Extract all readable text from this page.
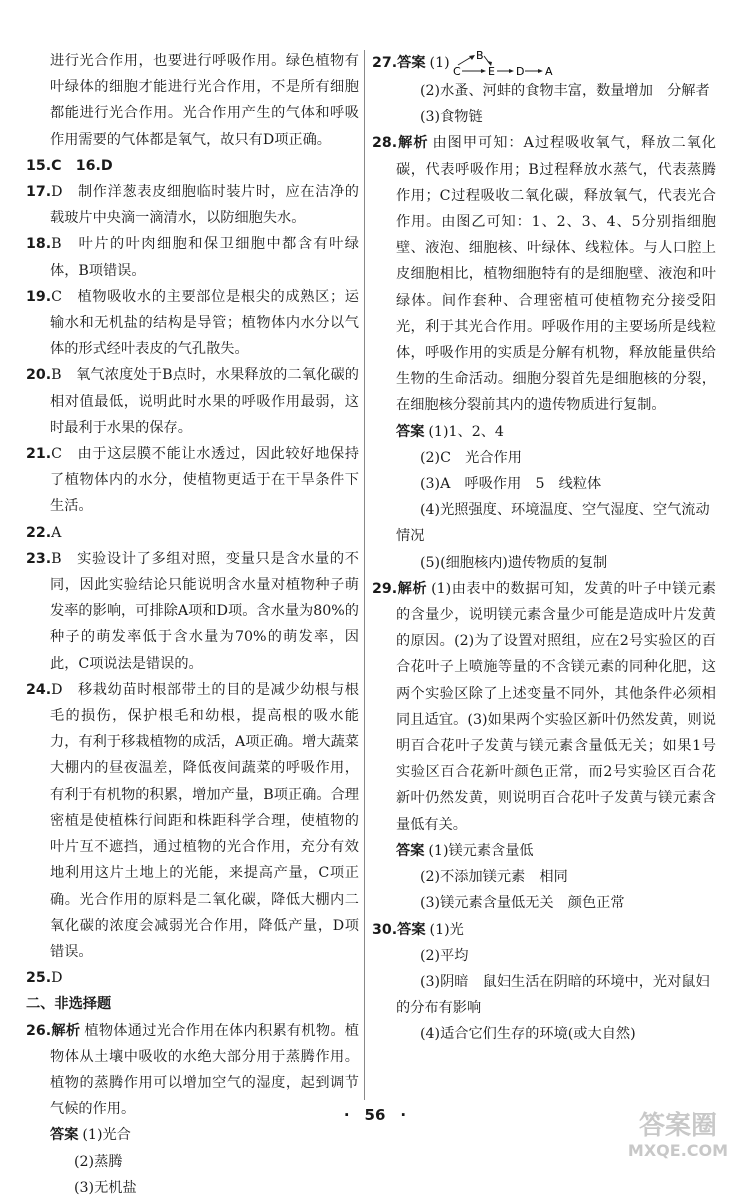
进行光合作用，也要进行呼吸作用。绿色植物有叶绿体的细胞才能进行光合作用，不是所有细胞都能进行光合作用。光合作用产生的气体和呼吸作用需要的气体都是氧气，故只有D项正确。

15.C　16.D

17.D　制作洋葱表皮细胞临时装片时，应在洁净的载玻片中央滴一滴清水，以防细胞失水。

18.B　叶片的叶肉细胞和保卫细胞中都含有叶绿体，B项错误。

19.C　植物吸收水的主要部位是根尖的成熟区；运输水和无机盐的结构是导管；植物体内水分以气体的形式经叶表皮的气孔散失。

20.B　氧气浓度处于B点时，水果释放的二氧化碳的相对值最低，说明此时水果的呼吸作用最弱，这时最利于水果的保存。

21.C　由于这层膜不能让水透过，因此较好地保持了植物体内的水分，使植物更适于在干旱条件下生活。

22.A

23.B　实验设计了多组对照，变量只是含水量的不同，因此实验结论只能说明含水量对植物种子萌发率的影响，可排除A项和D项。含水量为80%的种子的萌发率低于含水量为70%的萌发率，因此，C项说法是错误的。

24.D　移栽幼苗时根部带土的目的是减少幼根与根毛的损伤，保护根毛和幼根，提高根的吸水能力，有利于移栽植物的成活，A项正确。增大蔬菜大棚内的昼夜温差，降低夜间蔬菜的呼吸作用，有利于有机物的积累，增加产量，B项正确。合理密植是使植株行间距和株距科学合理，使植物的叶片互不遮挡，通过植物的光合作用，充分有效地利用这片土地上的光能，来提高产量，C项正确。光合作用的原料是二氧化碳，降低大棚内二氧化碳的浓度会减弱光合作用，降低产量，D项错误。

25.D

二、非选择题

26.解析 植物体通过光合作用在体内积累有机物。植物体从土壤中吸收的水绝大部分用于蒸腾作用。植物的蒸腾作用可以增加空气的湿度，起到调节气候的作用。

答案 (1)光合

(2)蒸腾

(3)无机盐

27.答案 (1) B
C E D A

(2)水蚤、河蚌的食物丰富，数量增加　分解者

(3)食物链

28.解析 由图甲可知：A过程吸收氧气，释放二氧化碳，代表呼吸作用；B过程释放水蒸气，代表蒸腾作用；C过程吸收二氧化碳，释放氧气，代表光合作用。由图乙可知：1、2、3、4、5分别指细胞壁、液泡、细胞核、叶绿体、线粒体。与人口腔上皮细胞相比，植物细胞特有的是细胞壁、液泡和叶绿体。间作套种、合理密植可使植物充分接受阳光，利于其光合作用。呼吸作用的主要场所是线粒体，呼吸作用的实质是分解有机物，释放能量供给生物的生命活动。细胞分裂首先是细胞核的分裂，在细胞核分裂前其内的遗传物质进行复制。

答案 (1)1、2、4

(2)C　光合作用

(3)A　呼吸作用　5　线粒体

(4)光照强度、环境温度、空气湿度、空气流动情况

(5)(细胞核内)遗传物质的复制

29.解析 (1)由表中的数据可知，发黄的叶子中镁元素的含量少，说明镁元素含量少可能是造成叶片发黄的原因。(2)为了设置对照组，应在2号实验区的百合花叶子上喷施等量的不含镁元素的同种化肥，这两个实验区除了上述变量不同外，其他条件必须相同且适宜。(3)如果两个实验区新叶仍然发黄，则说明百合花叶子发黄与镁元素含量低无关；如果1号实验区百合花新叶颜色正常，而2号实验区百合花新叶仍然发黄，则说明百合花叶子发黄与镁元素含量低有关。

答案 (1)镁元素含量低

(2)不添加镁元素　相同

(3)镁元素含量低无关　颜色正常

30.答案 (1)光

(2)平均

(3)阴暗　鼠妇生活在阴暗的环境中，光对鼠妇的分布有影响

(4)适合它们生存的环境(或大自然)

·　56　·	答案圈
MXQE.COM
